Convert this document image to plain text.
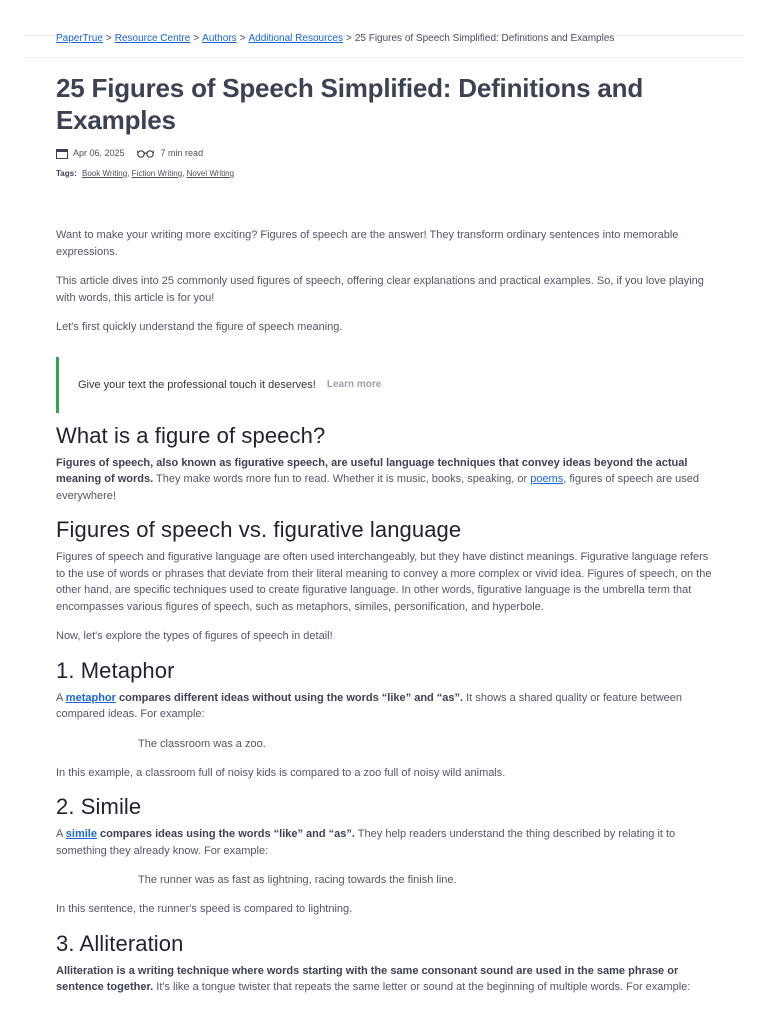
PaperTrue > Resource Centre > Authors > Additional Resources > 25 Figures of Speech Simplified: Definitions and Examples
25 Figures of Speech Simplified: Definitions and Examples
Apr 06, 2025	7 min read
Tags: Book Writing, Fiction Writing, Novel Writing

Want to make your writing more exciting? Figures of speech are the answer! They transform ordinary sentences into memorable expressions.

This article dives into 25 commonly used figures of speech, offering clear explanations and practical examples. So, if you love playing with words, this article is for you!

Let's first quickly understand the figure of speech meaning.

Give your text the professional touch it deserves! Learn more
What is a figure of speech?

Figures of speech, also known as figurative speech, are useful language techniques that convey ideas beyond the actual meaning of words. They make words more fun to read. Whether it is music, books, speaking, or poems, figures of speech are used everywhere!

Figures of speech vs. figurative language

Figures of speech and figurative language are often used interchangeably, but they have distinct meanings. Figurative language refers to the use of words or phrases that deviate from their literal meaning to convey a more complex or vivid idea. Figures of speech, on the other hand, are specific techniques used to create figurative language. In other words, figurative language is the umbrella term that encompasses various figures of speech, such as metaphors, similes, personification, and hyperbole.

Now, let's explore the types of figures of speech in detail!

1. Metaphor

A metaphor compares different ideas without using the words “like” and “as”. It shows a shared quality or feature between compared ideas. For example:

The classroom was a zoo.

In this example, a classroom full of noisy kids is compared to a zoo full of noisy wild animals.

2. Simile

A simile compares ideas using the words “like” and “as”. They help readers understand the thing described by relating it to something they already know. For example:

The runner was as fast as lightning, racing towards the finish line.

In this sentence, the runner's speed is compared to lightning.

3. Alliteration

Alliteration is a writing technique where words starting with the same consonant sound are used in the same phrase or sentence together. It's like a tongue twister that repeats the same letter or sound at the beginning of multiple words. For example:
